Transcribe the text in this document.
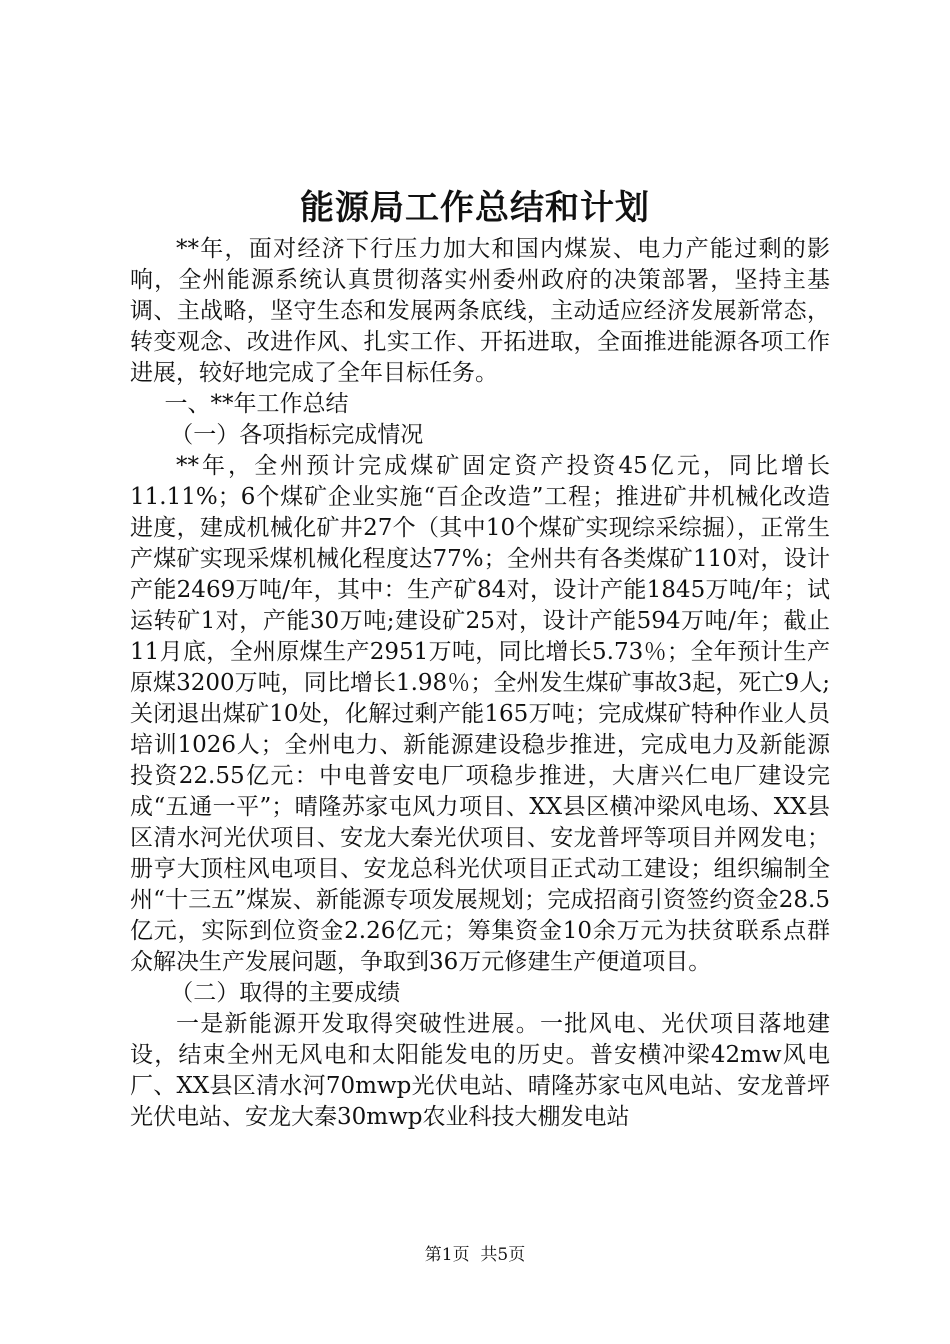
能源局工作总结和计划

**年，面对经济下行压力加大和国内煤炭、电力产能过剩的影响，全州能源系统认真贯彻落实州委州政府的决策部署，坚持主基调、主战略，坚守生态和发展两条底线，主动适应经济发展新常态，转变观念、改进作风、扎实工作、开拓进取，全面推进能源各项工作进展，较好地完成了全年目标任务。

一、**年工作总结

（一）各项指标完成情况

**年，全州预计完成煤矿固定资产投资45亿元，同比增长11.11%；6个煤矿企业实施“百企改造”工程；推进矿井机械化改造进度，建成机械化矿井27个（其中10个煤矿实现综采综掘），正常生产煤矿实现采煤机械化程度达77%；全州共有各类煤矿110对，设计产能2469万吨/年，其中：生产矿84对，设计产能1845万吨/年；试运转矿1对，产能30万吨;建设矿25对，设计产能594万吨/年；截止11月底，全州原煤生产2951万吨，同比增长5.73％；全年预计生产原煤3200万吨，同比增长1.98％；全州发生煤矿事故3起，死亡9人;关闭退出煤矿10处，化解过剩产能165万吨；完成煤矿特种作业人员培训1026人；全州电力、新能源建设稳步推进，完成电力及新能源投资22.55亿元：中电普安电厂项稳步推进，大唐兴仁电厂建设完成“五通一平”；晴隆苏家屯风力项目、XX县区横冲梁风电场、XX县区清水河光伏项目、安龙大秦光伏项目、安龙普坪等项目并网发电；册亨大顶柱风电项目、安龙总科光伏项目正式动工建设；组织编制全州“十三五”煤炭、新能源专项发展规划；完成招商引资签约资金28.5亿元，实际到位资金2.26亿元；筹集资金10余万元为扶贫联系点群众解决生产发展问题，争取到36万元修建生产便道项目。

（二）取得的主要成绩

一是新能源开发取得突破性进展。一批风电、光伏项目落地建设，结束全州无风电和太阳能发电的历史。普安横冲梁42mw风电厂、XX县区清水河70mwp光伏电站、晴隆苏家屯风电站、安龙普坪光伏电站、安龙大秦30mwp农业科技大棚发电站

第1页  共5页
